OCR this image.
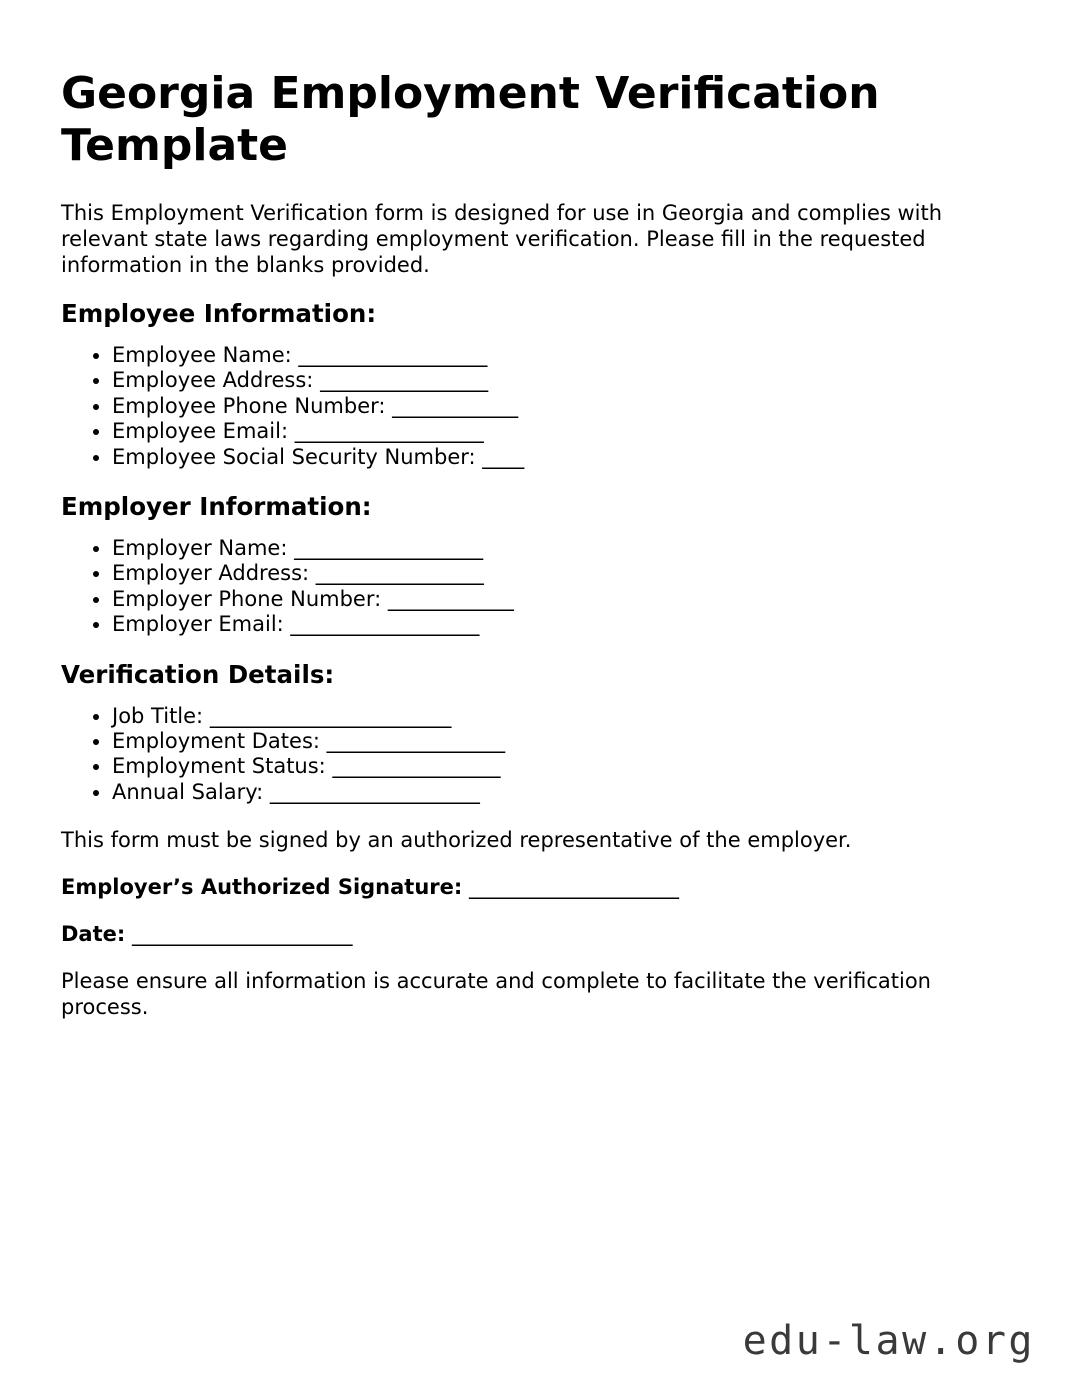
Georgia Employment Verification Template

This Employment Verification form is designed for use in Georgia and complies with relevant state laws regarding employment verification. Please fill in the requested information in the blanks provided.

Employee Information:
• Employee Name: __________________
• Employee Address: ________________
• Employee Phone Number: ____________
• Employee Email: __________________
• Employee Social Security Number: ____
Employer Information:
• Employer Name: __________________
• Employer Address: ________________
• Employer Phone Number: ____________
• Employer Email: __________________
Verification Details:
• Job Title: _______________________
• Employment Dates: _________________
• Employment Status: ________________
• Annual Salary: ____________________

This form must be signed by an authorized representative of the employer.

Employer’s Authorized Signature: ____________________

Date: _____________________

Please ensure all information is accurate and complete to facilitate the verification process.

edu-law.org
